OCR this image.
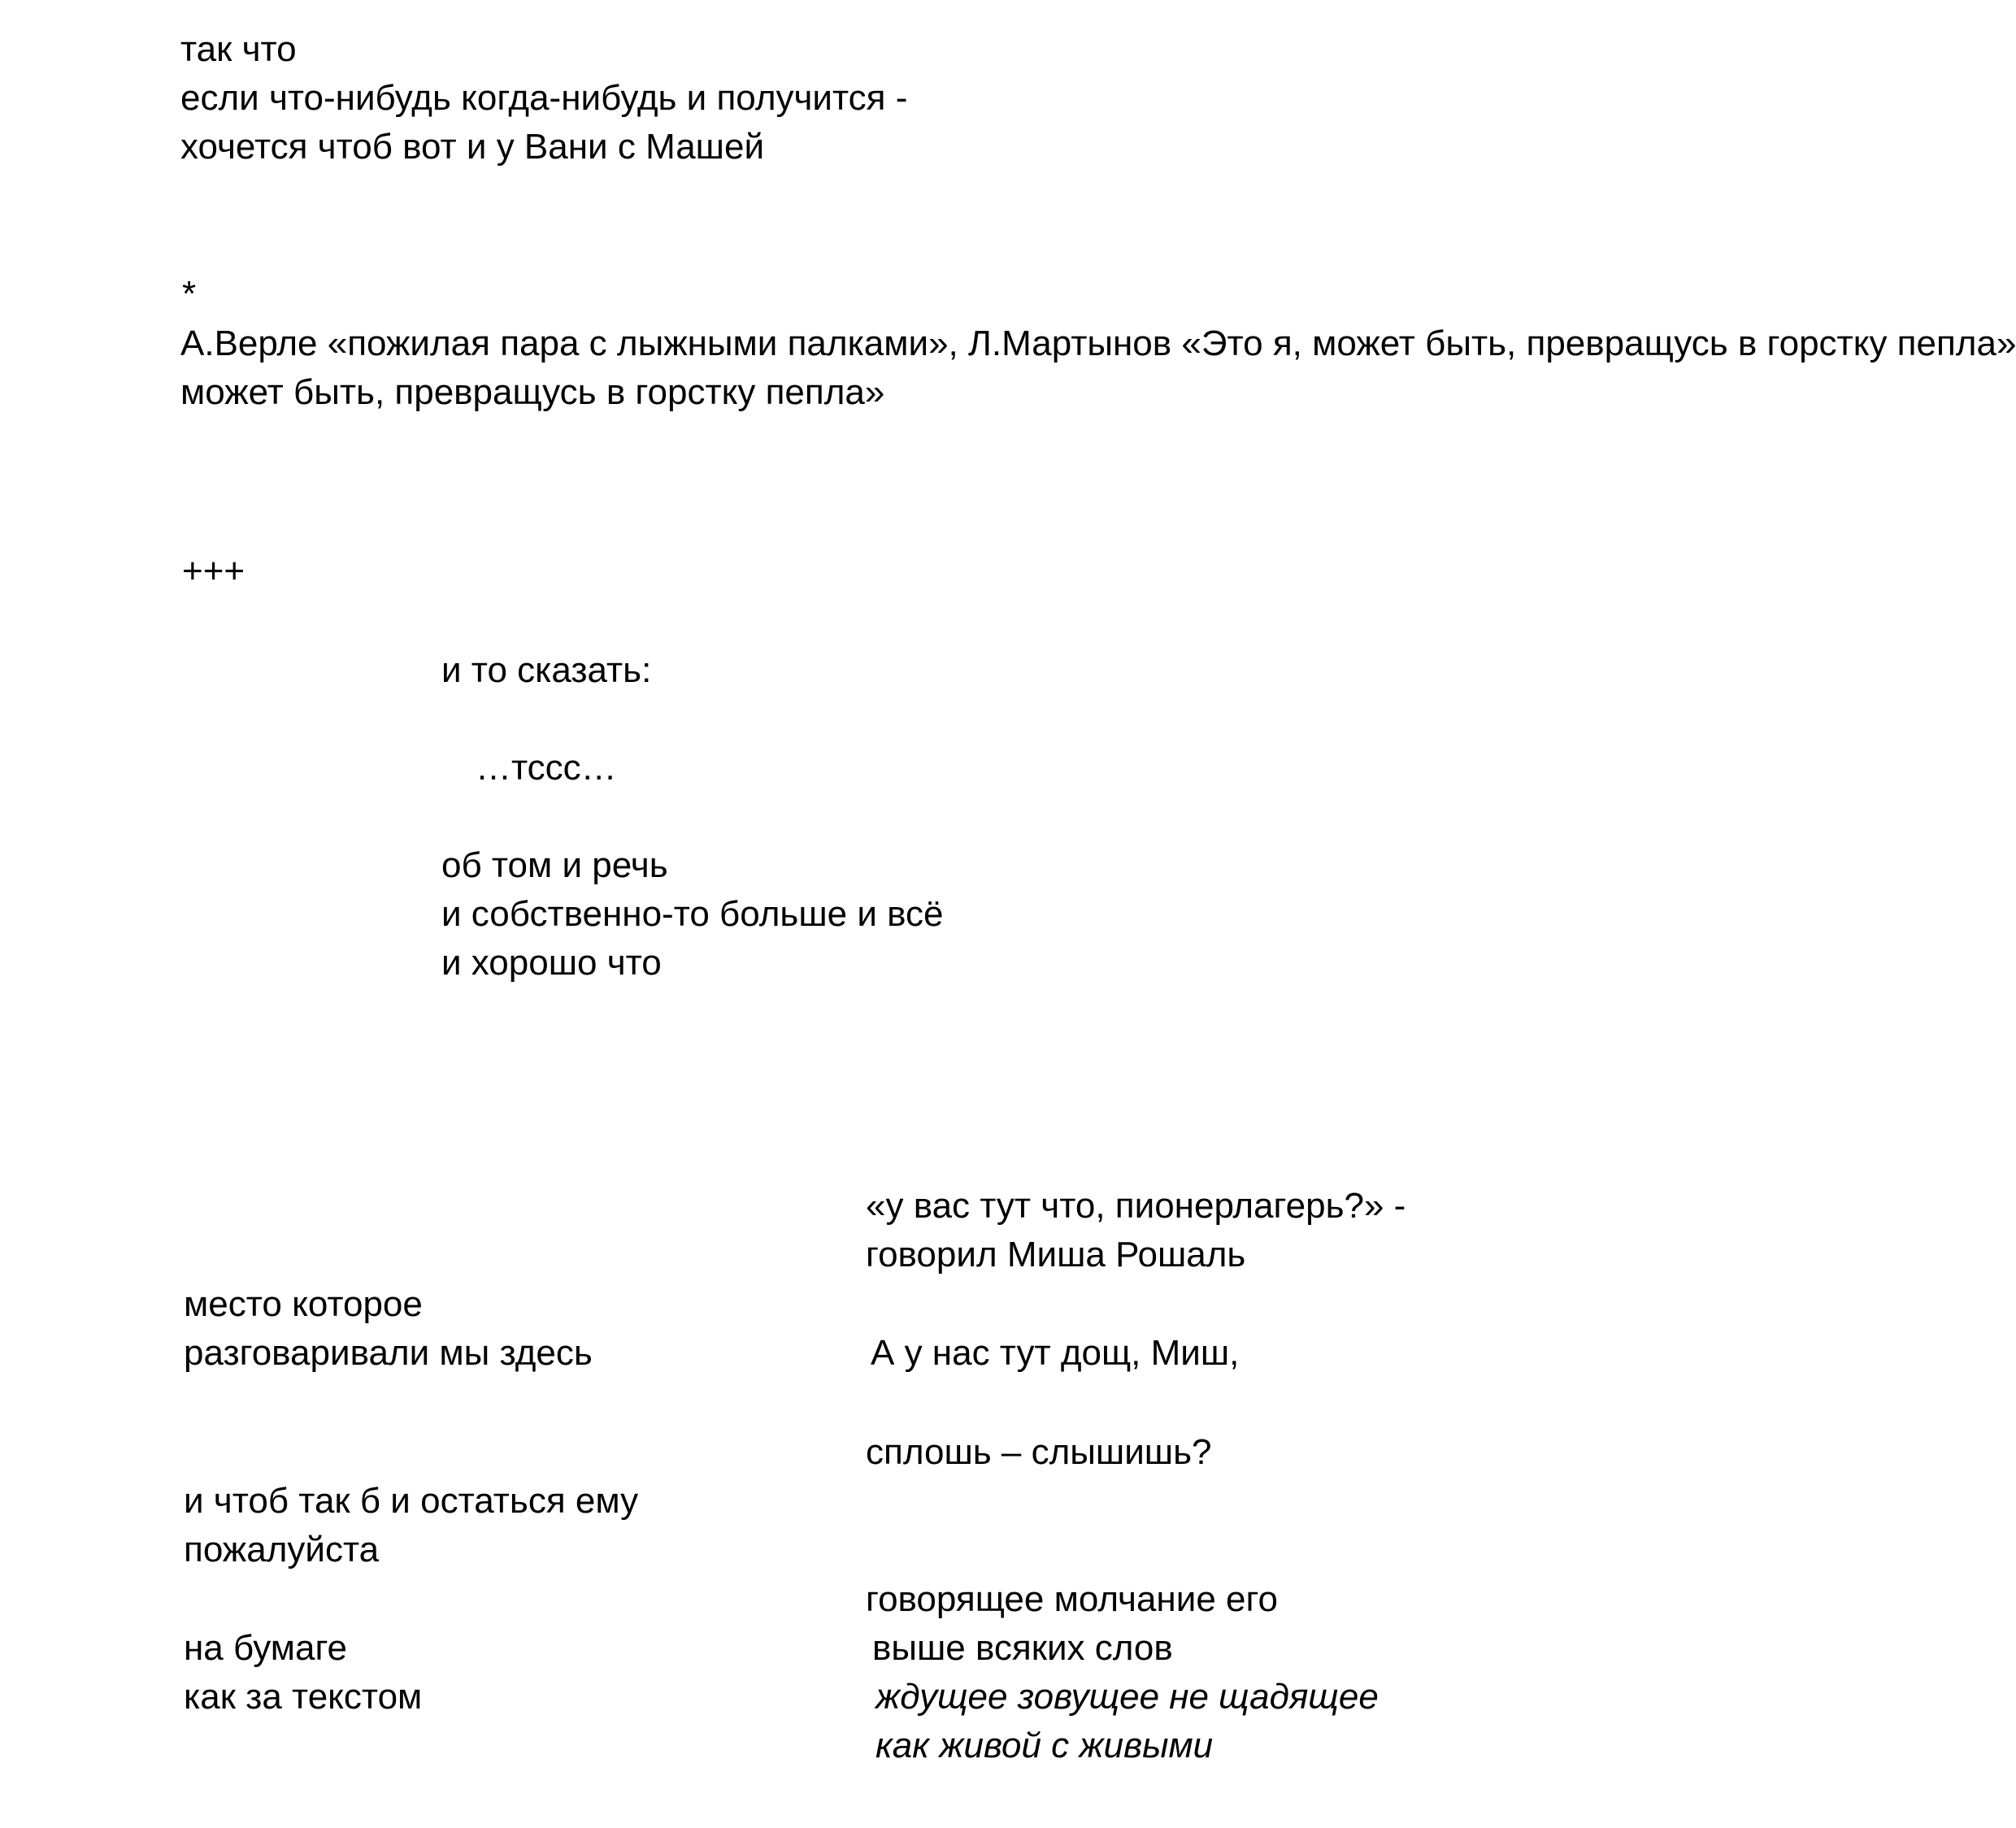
так что

если что-нибудь когда-нибудь и получится -

хочется чтоб вот и у Вани с Машей

*

А.Верле «пожилая пара с лыжными палками», Л.Мартынов «Это я, может быть, превращусь в горстку пепла»

может быть, превращусь в горстку пепла»

+++

и то сказать:

…тссс…

об том и речь

и собственно-то больше и всё

и хорошо что

место которое

разговаривали мы здесь

и чтоб так б и остаться ему

пожалуйста

на бумаге

как за текстом

«у вас тут что, пионерлагерь?» -

говорил Миша Рошаль

А у нас тут дощ, Миш,

сплошь – слышишь?

говорящее молчание его

выше всяких слов

ждущее зовущее не щадящее

как живой с живыми
